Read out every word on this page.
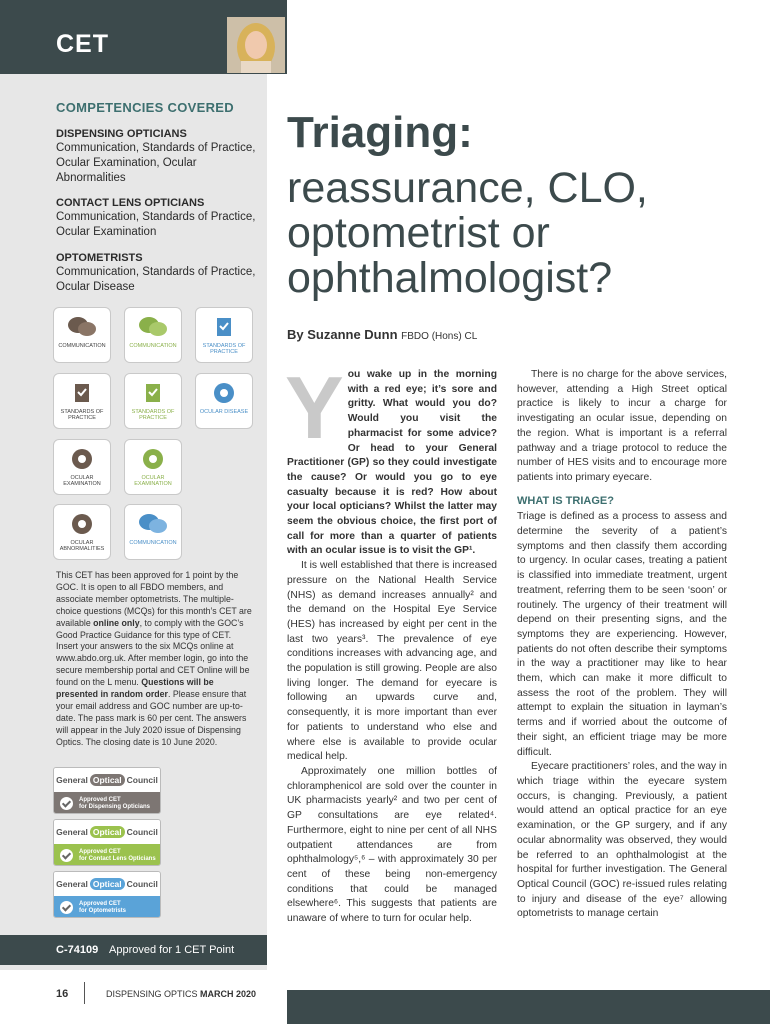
CET
COMPETENCIES COVERED
DISPENSING OPTICIANS
Communication, Standards of Practice, Ocular Examination, Ocular Abnormalities
CONTACT LENS OPTICIANS
Communication, Standards of Practice, Ocular Examination
OPTOMETRISTS
Communication, Standards of Practice, Ocular Disease
COMMUNICATION	COMMUNICATION	STANDARDS OF PRACTICE
STANDARDS OF PRACTICE
STANDARDS OF PRACTICE
OCULAR DISEASE
OCULAR EXAMINATION
OCULAR EXAMINATION
OCULAR ABNORMALITIES
COMMUNICATION
This CET has been approved for 1 point by the GOC. It is open to all FBDO members, and associate member optometrists. The multiple-choice questions (MCQs) for this month’s CET are available online only, to comply with the GOC’s Good Practice Guidance for this type of CET. Insert your answers to the six MCQs online at www.abdo.org.uk. After member login, go into the secure membership portal and CET Online will be found on the L menu. Questions will be presented in random order. Please ensure that your email address and GOC number are up-to-date. The pass mark is 60 per cent. The answers will appear in the July 2020 issue of Dispensing Optics. The closing date is 10 June 2020.
General Optical Council
Approved CET
for Dispensing Opticians
General Optical Council
Approved CET
for Contact Lens Opticians
General Optical Council
Approved CET
for Optometrists
C-74109 Approved for 1 CET Point
Triaging:
reassurance, CLO, optometrist or ophthalmologist?
By Suzanne Dunn FBDO (Hons) CL

You wake up in the morning with a red eye; it’s sore and gritty. What would you do? Would you visit the pharmacist for some advice? Or head to your General Practitioner (GP) so they could investigate the cause? Or would you go to eye casualty because it is red? How about your local opticians? Whilst the latter may seem the obvious choice, the first port of call for more than a quarter of patients with an ocular issue is to visit the GP¹.

It is well established that there is increased pressure on the National Health Service (NHS) as demand increases annually² and the demand on the Hospital Eye Service (HES) has increased by eight per cent in the last two years³. The prevalence of eye conditions increases with advancing age, and the population is still growing. People are also living longer. The demand for eyecare is following an upwards curve and, consequently, it is more important than ever for patients to understand who else and where else is available to provide ocular medical help.

Approximately one million bottles of chloramphenicol are sold over the counter in UK pharmacists yearly² and two per cent of GP consultations are eye related⁴. Furthermore, eight to nine per cent of all NHS outpatient attendances are from ophthalmology⁵,⁶ – with approximately 30 per cent of these being non-emergency conditions that could be managed elsewhere⁶. This suggests that patients are unaware of where to turn for ocular help.

There is no charge for the above services, however, attending a High Street optical practice is likely to incur a charge for investigating an ocular issue, depending on the region. What is important is a referral pathway and a triage protocol to reduce the number of HES visits and to encourage more patients into primary eyecare.

WHAT IS TRIAGE?

Triage is defined as a process to assess and determine the severity of a patient’s symptoms and then classify them according to urgency. In ocular cases, treating a patient is classified into immediate treatment, urgent treatment, referring them to be seen ‘soon’ or routinely. The urgency of their treatment will depend on their presenting signs, and the symptoms they are experiencing. However, patients do not often describe their symptoms in the way a practitioner may like to hear them, which can make it more difficult to assess the root of the problem. They will attempt to explain the situation in layman’s terms and if worried about the outcome of their sight, an efficient triage may be more difficult.

Eyecare practitioners’ roles, and the way in which triage within the eyecare system occurs, is changing. Previously, a patient would attend an optical practice for an eye examination, or the GP surgery, and if any ocular abnormality was observed, they would be referred to an ophthalmologist at the hospital for further investigation. The General Optical Council (GOC) re-issued rules relating to injury and disease of the eye⁷ allowing optometrists to manage certain

16	DISPENSING OPTICS MARCH 2020
